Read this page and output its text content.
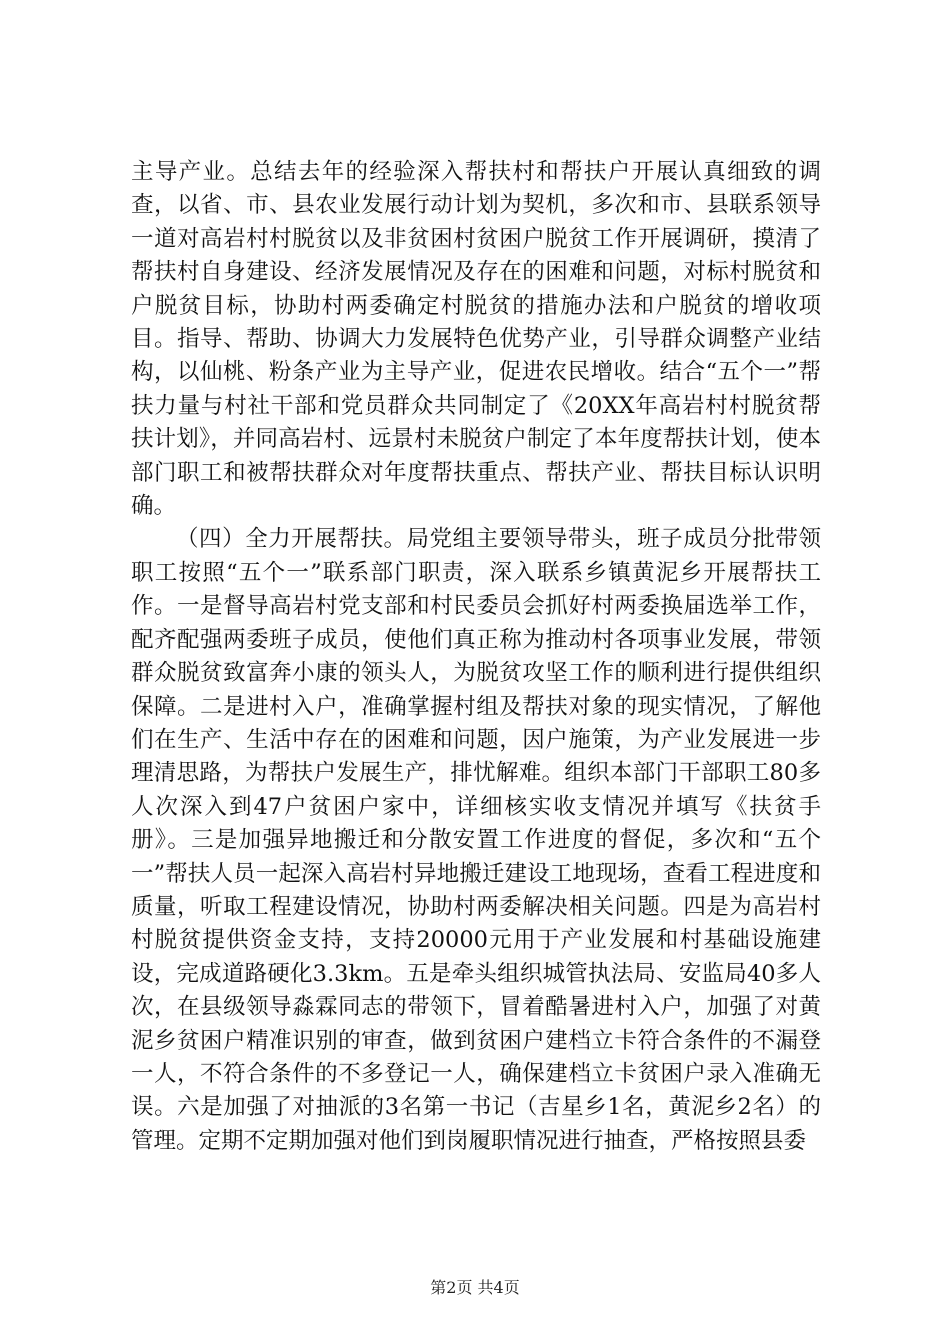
主导产业。总结去年的经验深入帮扶村和帮扶户开展认真细致的调查，以省、市、县农业发展行动计划为契机，多次和市、县联系领导一道对高岩村村脱贫以及非贫困村贫困户脱贫工作开展调研，摸清了帮扶村自身建设、经济发展情况及存在的困难和问题，对标村脱贫和户脱贫目标，协助村两委确定村脱贫的措施办法和户脱贫的增收项目。指导、帮助、协调大力发展特色优势产业，引导群众调整产业结构，以仙桃、粉条产业为主导产业，促进农民增收。结合“五个一”帮扶力量与村社干部和党员群众共同制定了《20XX年高岩村村脱贫帮扶计划》，并同高岩村、远景村未脱贫户制定了本年度帮扶计划，使本部门职工和被帮扶群众对年度帮扶重点、帮扶产业、帮扶目标认识明确。

（四）全力开展帮扶。局党组主要领导带头，班子成员分批带领职工按照“五个一”联系部门职责，深入联系乡镇黄泥乡开展帮扶工作。一是督导高岩村党支部和村民委员会抓好村两委换届选举工作，配齐配强两委班子成员，使他们真正称为推动村各项事业发展，带领群众脱贫致富奔小康的领头人，为脱贫攻坚工作的顺利进行提供组织保障。二是进村入户，准确掌握村组及帮扶对象的现实情况，了解他们在生产、生活中存在的困难和问题，因户施策，为产业发展进一步理清思路，为帮扶户发展生产，排忧解难。组织本部门干部职工80多人次深入到47户贫困户家中，详细核实收支情况并填写《扶贫手册》。三是加强异地搬迁和分散安置工作进度的督促，多次和“五个一”帮扶人员一起深入高岩村异地搬迁建设工地现场，查看工程进度和质量，听取工程建设情况，协助村两委解决相关问题。四是为高岩村村脱贫提供资金支持，支持20000元用于产业发展和村基础设施建设，完成道路硬化3.3km。五是牵头组织城管执法局、安监局40多人次，在县级领导淼霖同志的带领下，冒着酷暑进村入户，加强了对黄泥乡贫困户精准识别的审查，做到贫困户建档立卡符合条件的不漏登一人，不符合条件的不多登记一人，确保建档立卡贫困户录入准确无误。六是加强了对抽派的3名第一书记（吉星乡1名，黄泥乡2名）的管理。定期不定期加强对他们到岗履职情况进行抽查，严格按照县委

第2页 共4页
